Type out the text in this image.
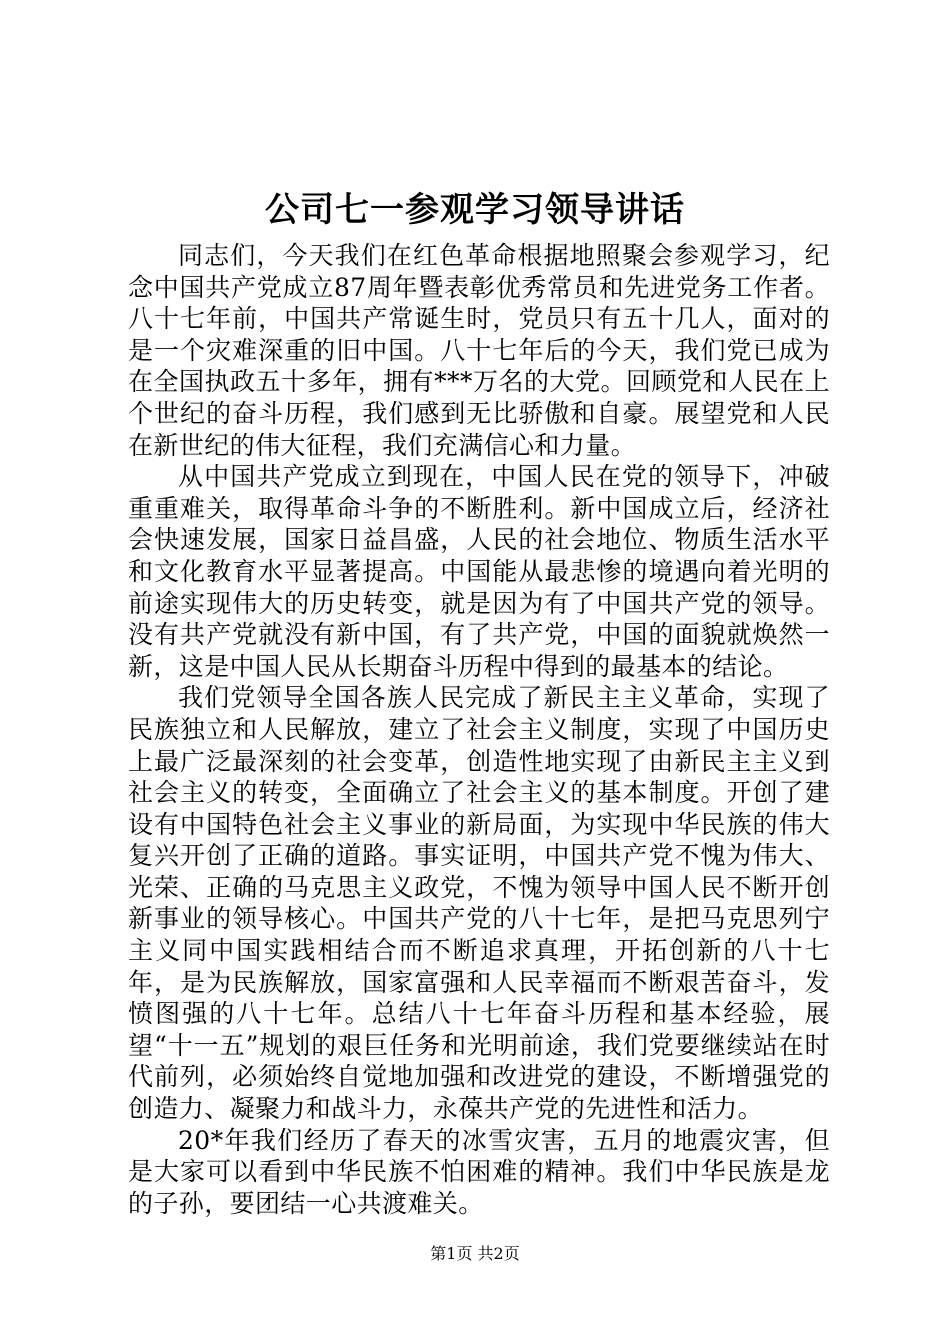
公司七一参观学习领导讲话

同志们，今天我们在红色革命根据地照聚会参观学习，纪念中国共产党成立87周年暨表彰优秀常员和先进党务工作者。八十七年前，中国共产常诞生时，党员只有五十几人，面对的是一个灾难深重的旧中国。八十七年后的今天，我们党已成为在全国执政五十多年，拥有***万名的大党。回顾党和人民在上个世纪的奋斗历程，我们感到无比骄傲和自豪。展望党和人民在新世纪的伟大征程，我们充满信心和力量。

从中国共产党成立到现在，中国人民在党的领导下，冲破重重难关，取得革命斗争的不断胜利。新中国成立后，经济社会快速发展，国家日益昌盛，人民的社会地位、物质生活水平和文化教育水平显著提高。中国能从最悲惨的境遇向着光明的前途实现伟大的历史转变，就是因为有了中国共产党的领导。没有共产党就没有新中国，有了共产党，中国的面貌就焕然一新，这是中国人民从长期奋斗历程中得到的最基本的结论。

我们党领导全国各族人民完成了新民主主义革命，实现了民族独立和人民解放，建立了社会主义制度，实现了中国历史上最广泛最深刻的社会变革，创造性地实现了由新民主主义到社会主义的转变，全面确立了社会主义的基本制度。开创了建设有中国特色社会主义事业的新局面，为实现中华民族的伟大复兴开创了正确的道路。事实证明，中国共产党不愧为伟大、光荣、正确的马克思主义政党，不愧为领导中国人民不断开创新事业的领导核心。中国共产党的八十七年，是把马克思列宁主义同中国实践相结合而不断追求真理，开拓创新的八十七年，是为民族解放，国家富强和人民幸福而不断艰苦奋斗，发愤图强的八十七年。总结八十七年奋斗历程和基本经验，展望“十一五”规划的艰巨任务和光明前途，我们党要继续站在时代前列，必须始终自觉地加强和改进党的建设，不断增强党的创造力、凝聚力和战斗力，永葆共产党的先进性和活力。

20*年我们经历了春天的冰雪灾害，五月的地震灾害，但是大家可以看到中华民族不怕困难的精神。我们中华民族是龙的子孙，要团结一心共渡难关。

第1页 共2页
